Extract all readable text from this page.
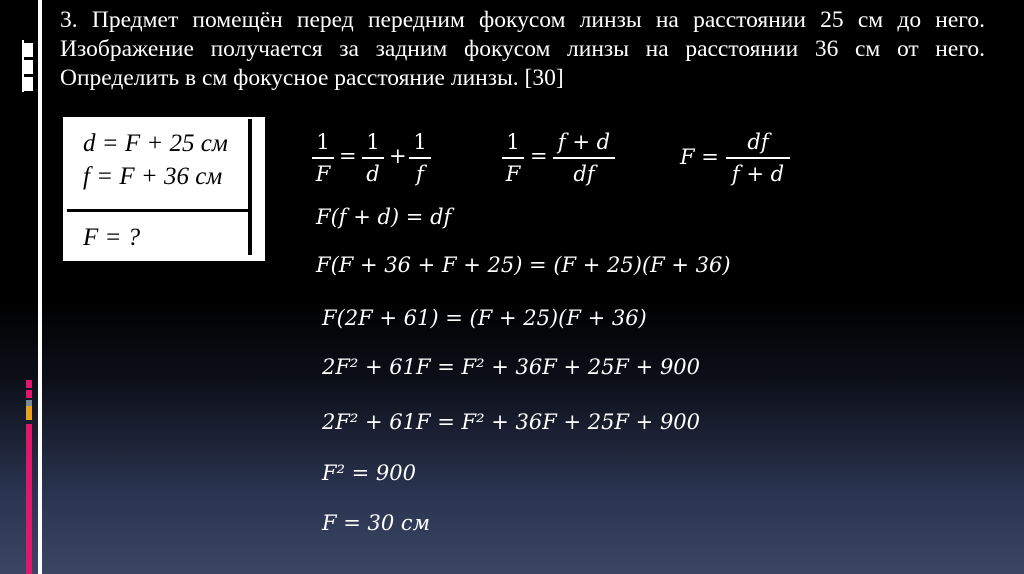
3. Предмет помещён перед передним фокусом линзы на расстоянии 25 см до него. Изображение получается за задним фокусом линзы на расстоянии 36 см от него. Определить в см фокусное расстояние линзы. [30]
d = F + 25 см
f = F + 36 см
F = ?
1
F
=
1
d
+
1
f
1
F
=
f + d
df
F =
df
f + d
F(f + d) = df
F(F + 36 + F + 25) = (F + 25)(F + 36)
F(2F + 61) = (F + 25)(F + 36)
2F² + 61F = F² + 36F + 25F + 900
2F² + 61F = F² + 36F + 25F + 900
F² = 900
F = 30 см
